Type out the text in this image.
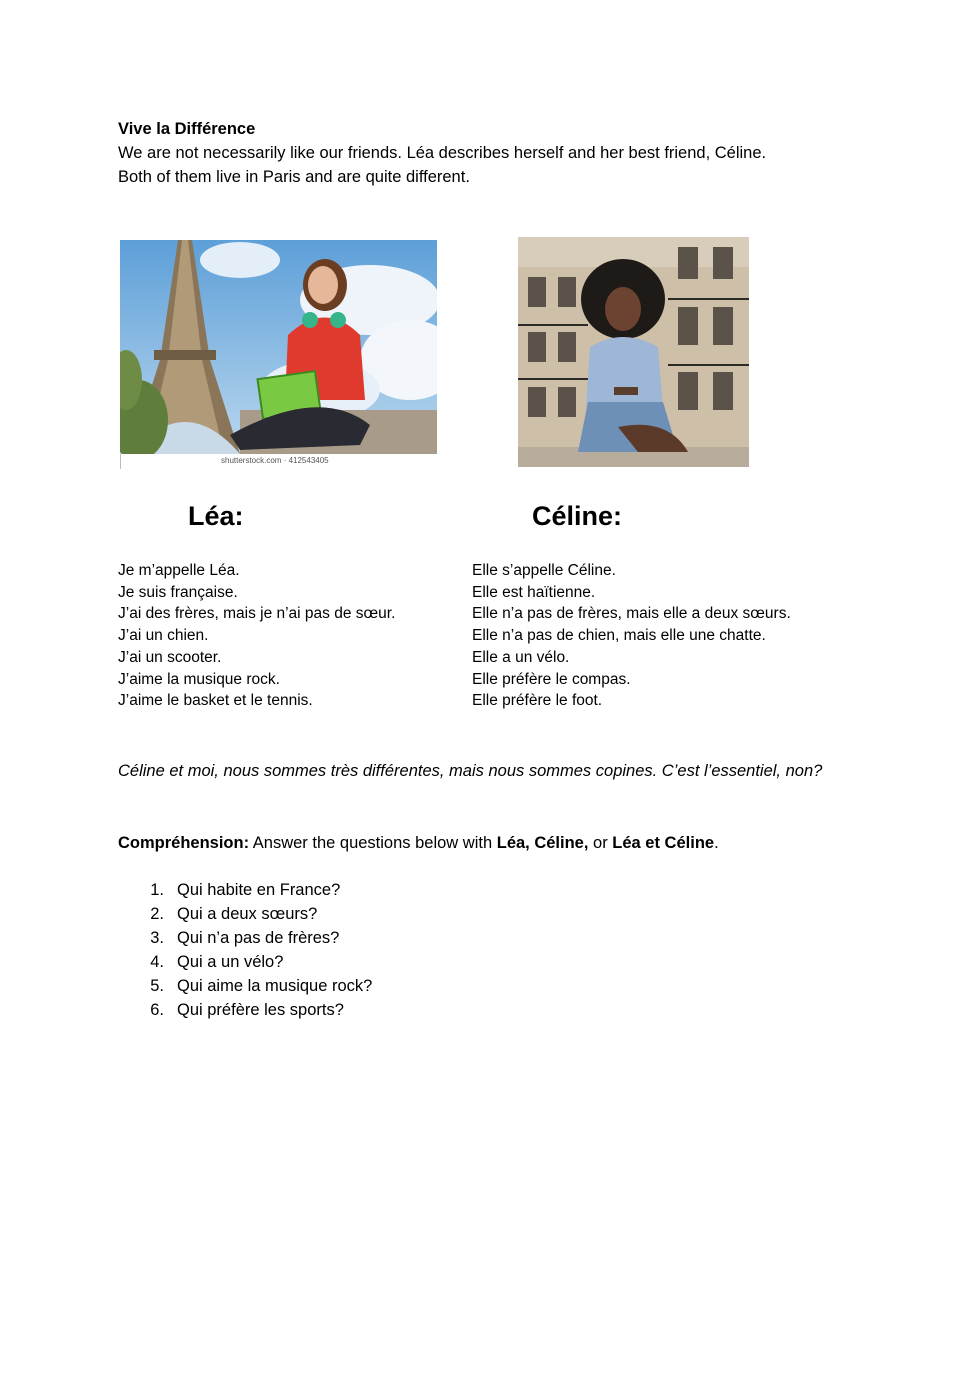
Vive la Différence
We are not necessarily like our friends. Léa describes herself and her best friend, Céline.
Both of them live in Paris and are quite different.
shutterstock.com · 412543405
Léa:	Céline:
Je m’appelle Léa.
Je suis française.
J’ai des frères, mais je n’ai pas de sœur.
J’ai un chien.
J’ai un scooter.
J’aime la musique rock.
J’aime le basket et le tennis.
Elle s’appelle Céline.
Elle est haïtienne.
Elle n’a pas de frères, mais elle a deux sœurs.
Elle n’a pas de chien, mais elle une chatte.
Elle a un vélo.
Elle préfère le compas.
Elle préfère le foot.
Céline et moi, nous sommes très différentes, mais nous sommes copines. C’est l’essentiel, non?
Compréhension: Answer the questions below with Léa, Céline, or Léa et Céline.
1. Qui habite en France?
2. Qui a deux sœurs?
3. Qui n’a pas de frères?
4. Qui a un vélo?
5. Qui aime la musique rock?
6. Qui préfère les sports?
